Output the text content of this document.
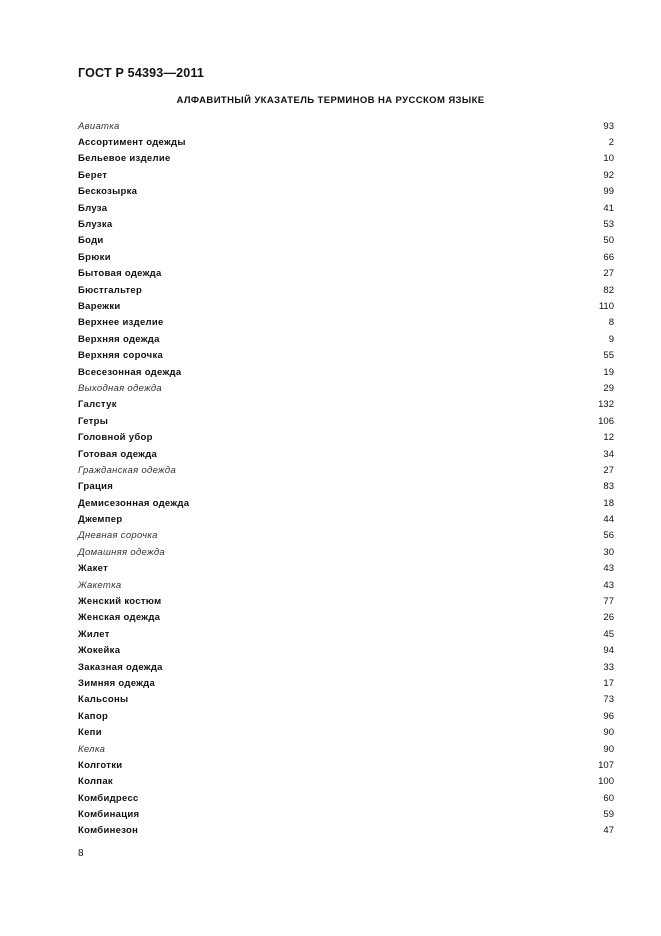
ГОСТ Р 54393—2011
АЛФАВИТНЫЙ УКАЗАТЕЛЬ ТЕРМИНОВ НА РУССКОМ ЯЗЫКЕ
Авиатка	93
Ассортимент одежды	2
Бельевое изделие	10
Берет	92
Бескозырка	99
Блуза	41
Блузка	53
Боди	50
Брюки	66
Бытовая одежда	27
Бюстгальтер	82
Варежки	110
Верхнее изделие	8
Верхняя одежда	9
Верхняя сорочка	55
Всесезонная одежда	19
Выходная одежда	29
Галстук	132
Гетры	106
Головной убор	12
Готовая одежда	34
Гражданская одежда	27
Грация	83
Демисезонная одежда	18
Джемпер	44
Дневная сорочка	56
Домашняя одежда	30
Жакет	43
Жакетка	43
Женский костюм	77
Женская одежда	26
Жилет	45
Жокейка	94
Заказная одежда	33
Зимняя одежда	17
Кальсоны	73
Капор	96
Кепи	90
Келка	90
Колготки	107
Колпак	100
Комбидресс	60
Комбинация	59
Комбинезон	47
8
